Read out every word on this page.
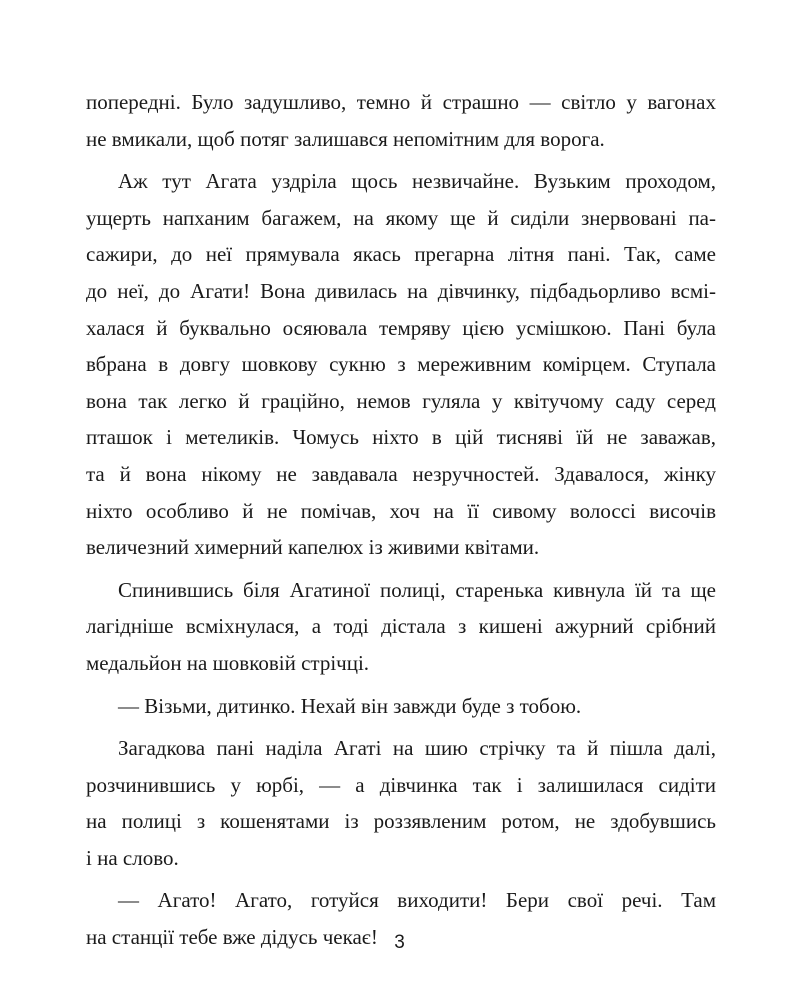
попередні. Було задушливо, темно й страшно — світло у вагонах
не вмикали, щоб потяг залишався непомітним для ворога.
Аж тут Агата уздріла щось незвичайне. Вузьким проходом,
ущерть напханим багажем, на якому ще й сиділи знервовані па-
сажири, до неї прямувала якась прегарна літня пані. Так, саме
до неї, до Агати! Вона дивилась на дівчинку, підбадьорливо всмі-
халася й буквально осяювала темряву цією усмішкою. Пані була
вбрана в довгу шовкову сукню з мереживним комірцем. Ступала
вона так легко й граційно, немов гуляла у квітучому саду серед
пташок і метеликів. Чомусь ніхто в цій тисняві їй не заважав,
та й вона нікому не завдавала незручностей. Здавалося, жінку
ніхто особливо й не помічав, хоч на її сивому волоссі височів
величезний химерний капелюх із живими квітами.
Спинившись біля Агатиної полиці, старенька кивнула їй та ще
лагідніше всміхнулася, а тоді дістала з кишені ажурний срібний
медальйон на шовковій стрічці.
— Візьми, дитинко. Нехай він завжди буде з тобою.
Загадкова пані наділа Агаті на шию стрічку та й пішла далі,
розчинившись у юрбі, — а дівчинка так і залишилася сидіти
на полиці з кошенятами із роззявленим ротом, не здобувшись
і на слово.
— Агато! Агато, готуйся виходити! Бери свої речі. Там
на станції тебе вже дідусь чекає! 3
